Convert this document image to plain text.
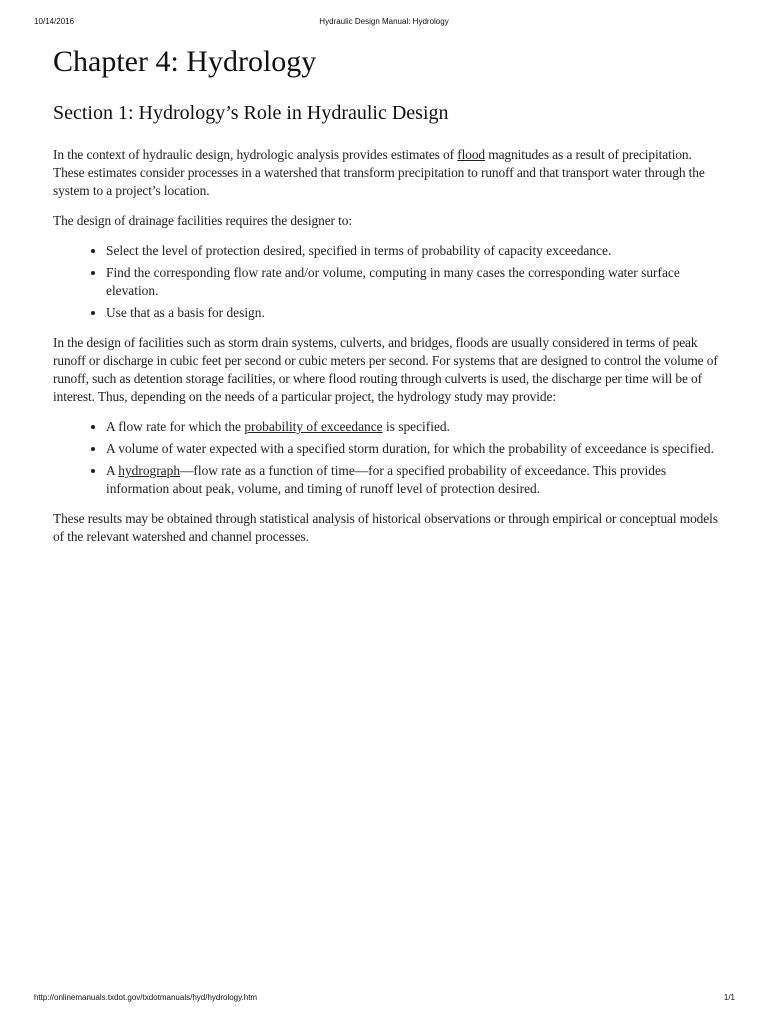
10/14/2016	Hydraulic Design Manual: Hydrology
Chapter 4: Hydrology
Section 1: Hydrology’s Role in Hydraulic Design

In the context of hydraulic design, hydrologic analysis provides estimates of flood magnitudes as a result of precipitation. These estimates consider processes in a watershed that transform precipitation to runoff and that transport water through the system to a project’s location.

The design of drainage facilities requires the designer to:

• Select the level of protection desired, specified in terms of probability of capacity exceedance.
• Find the corresponding flow rate and/or volume, computing in many cases the corresponding water surface elevation.
• Use that as a basis for design.

In the design of facilities such as storm drain systems, culverts, and bridges, floods are usually considered in terms of peak runoff or discharge in cubic feet per second or cubic meters per second. For systems that are designed to control the volume of runoff, such as detention storage facilities, or where flood routing through culverts is used, the discharge per time will be of interest. Thus, depending on the needs of a particular project, the hydrology study may provide:

• A flow rate for which the probability of exceedance is specified.
• A volume of water expected with a specified storm duration, for which the probability of exceedance is specified.
• A hydrograph—flow rate as a function of time—for a specified probability of exceedance. This provides information about peak, volume, and timing of runoff level of protection desired.

These results may be obtained through statistical analysis of historical observations or through empirical or conceptual models of the relevant watershed and channel processes.

http://onlinemanuals.txdot.gov/txdotmanuals/hyd/hydrology.htm	1/1
